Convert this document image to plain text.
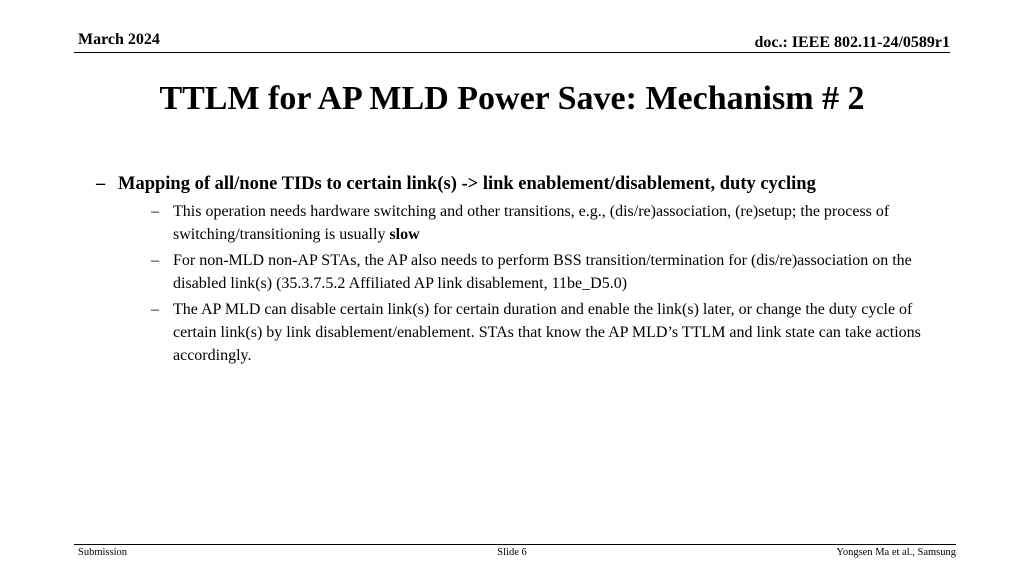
March 2024	doc.: IEEE 802.11-24/0589r1
TTLM for AP MLD Power Save: Mechanism # 2
– Mapping of all/none TIDs to certain link(s) -> link enablement/disablement, duty cycling
– This operation needs hardware switching and other transitions, e.g., (dis/re)association, (re)setup; the process of switching/transitioning is usually slow
– For non-MLD non-AP STAs, the AP also needs to perform BSS transition/termination for (dis/re)association on the disabled link(s) (35.3.7.5.2 Affiliated AP link disablement, 11be_D5.0)
– The AP MLD can disable certain link(s) for certain duration and enable the link(s) later, or change the duty cycle of certain link(s) by link disablement/enablement. STAs that know the AP MLD’s TTLM and link state can take actions accordingly.
Submission	Slide 6	Yongsen Ma et al., Samsung
